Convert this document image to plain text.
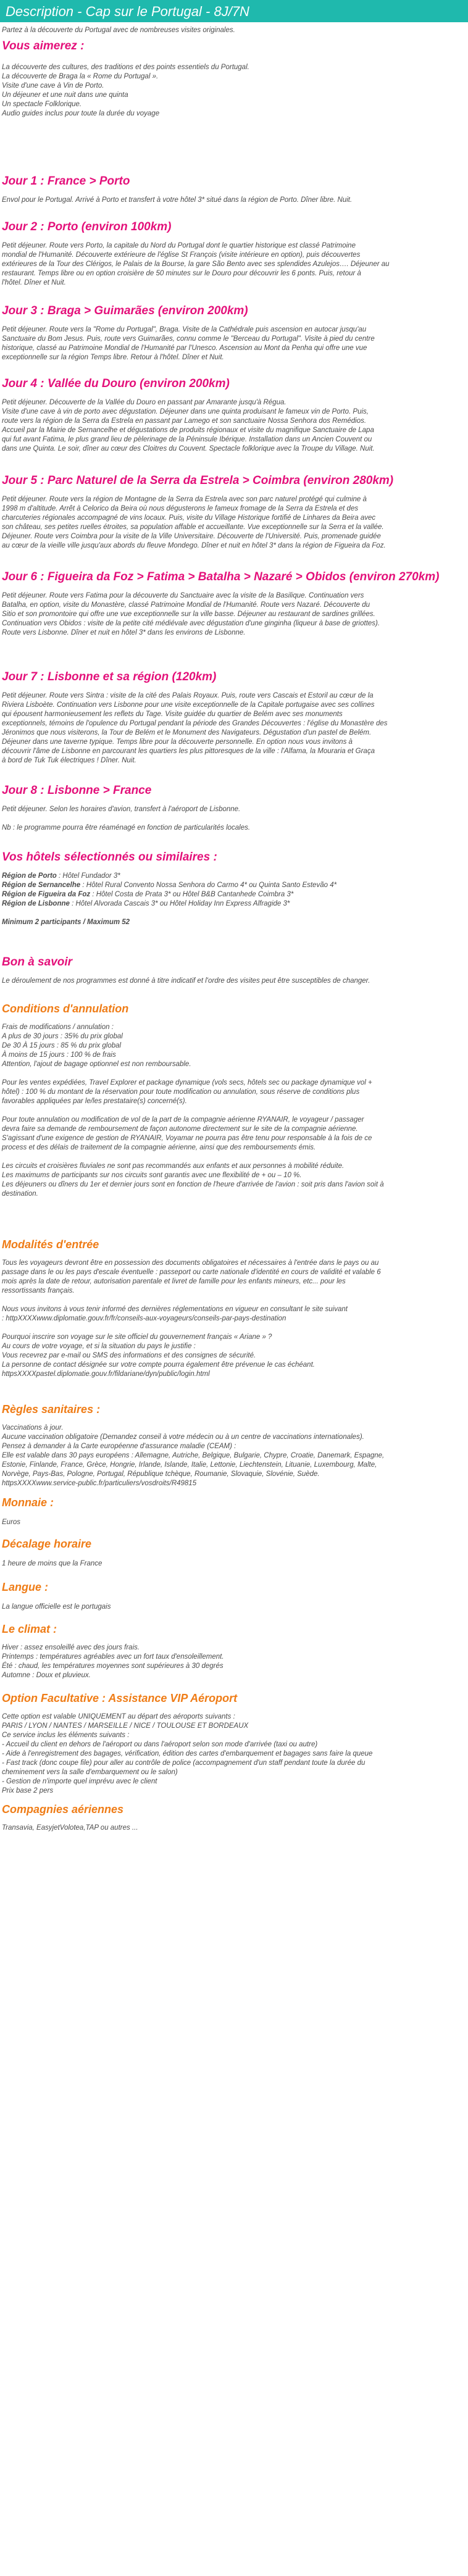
Description - Cap sur le Portugal - 8J/7N
Partez à la découverte du Portugal avec de nombreuses visites originales.
Vous aimerez :
La découverte des cultures, des traditions et des points essentiels du Portugal.
La découverte de Braga la « Rome du Portugal ».
Visite d'une cave à Vin de Porto.
Un déjeuner et une nuit dans une quinta
Un spectacle Folklorique.
Audio guides inclus pour toute la durée du voyage
Jour 1 : France > Porto
Envol pour le Portugal. Arrivé à Porto et transfert à votre hôtel 3* situé dans la région de Porto. Dîner libre. Nuit.
Jour 2 : Porto (environ 100km)
Petit déjeuner. Route vers Porto, la capitale du Nord du Portugal dont le quartier historique est classé Patrimoine
mondial de l'Humanité. Découverte extérieure de l'église St François (visite intérieure en option), puis découvertes
extérieures de la Tour des Clérigos, le Palais de la Bourse, la gare São Bento avec ses splendides Azulejos…. Déjeuner au
restaurant. Temps libre ou en option croisière de 50 minutes sur le Douro pour découvrir les 6 ponts. Puis, retour à
l'hôtel. Dîner et Nuit.
Jour 3 : Braga > Guimarães (environ 200km)
Petit déjeuner. Route vers la "Rome du Portugal", Braga. Visite de la Cathédrale puis ascension en autocar jusqu'au
Sanctuaire du Bom Jesus. Puis, route vers Guimarães, connu comme le "Berceau du Portugal". Visite à pied du centre
historique, classé au Patrimoine Mondial de l'Humanité par l'Unesco. Ascension au Mont da Penha qui offre une vue
exceptionnelle sur la région Temps libre. Retour à l'hôtel. Dîner et Nuit.
Jour 4 : Vallée du Douro (environ 200km)
Petit déjeuner. Découverte de la Vallée du Douro en passant par Amarante jusqu'à Régua.
Visite d'une cave à vin de porto avec dégustation. Déjeuner dans une quinta produisant le fameux vin de Porto. Puis,
route vers la région de la Serra da Estrela en passant par Lamego et son sanctuaire Nossa Senhora dos Remédios.
Accueil par la Mairie de Sernancelhe et dégustations de produits régionaux et visite du magnifique Sanctuaire de Lapa
qui fut avant Fatima, le plus grand lieu de pèlerinage de la Péninsule Ibérique. Installation dans un Ancien Couvent ou
dans une Quinta. Le soir, dîner au cœur des Cloitres du Couvent. Spectacle folklorique avec la Troupe du Village. Nuit.
Jour 5 : Parc Naturel de la Serra da Estrela > Coimbra (environ 280km)
Petit déjeuner. Route vers la région de Montagne de la Serra da Estrela avec son parc naturel protégé qui culmine à
1998 m d'altitude. Arrêt à Celorico da Beira où nous dégusterons le fameux fromage de la Serra da Estrela et des
charcuteries régionales accompagné de vins locaux. Puis, visite du Village Historique fortifié de Linhares da Beira avec
son château, ses petites ruelles étroites, sa population affable et accueillante. Vue exceptionnelle sur la Serra et la vallée.
Déjeuner. Route vers Coimbra pour la visite de la Ville Universitaire. Découverte de l'Université. Puis, promenade guidée
au cœur de la vieille ville jusqu'aux abords du fleuve Mondego. Dîner et nuit en hôtel 3* dans la région de Figueira da Foz.
Jour 6 : Figueira da Foz > Fatima > Batalha > Nazaré > Obidos (environ 270km)
Petit déjeuner. Route vers Fatima pour la découverte du Sanctuaire avec la visite de la Basilique. Continuation vers
Batalha, en option, visite du Monastère, classé Patrimoine Mondial de l'Humanité. Route vers Nazaré. Découverte du
Sitio et son promontoire qui offre une vue exceptionnelle sur la ville basse. Déjeuner au restaurant de sardines grillées.
Continuation vers Obidos : visite de la petite cité médiévale avec dégustation d'une ginginha (liqueur à base de griottes).
Route vers Lisbonne. Dîner et nuit en hôtel 3* dans les environs de Lisbonne.
Jour 7 : Lisbonne et sa région (120km)
Petit déjeuner. Route vers Sintra : visite de la cité des Palais Royaux. Puis, route vers Cascais et Estoril au cœur de la
Riviera Lisboète. Continuation vers Lisbonne pour une visite exceptionnelle de la Capitale portugaise avec ses collines
qui épousent harmonieusement les reflets du Tage. Visite guidée du quartier de Belém avec ses monuments
exceptionnels, témoins de l'opulence du Portugal pendant la période des Grandes Découvertes : l'église du Monastère des
Jéronimos que nous visiterons, la Tour de Belém et le Monument des Navigateurs. Dégustation d'un pastel de Belém.
Déjeuner dans une taverne typique. Temps libre pour la découverte personnelle. En option nous vous invitons à
découvrir l'âme de Lisbonne en parcourant les quartiers les plus pittoresques de la ville : l'Alfama, la Mouraria et Graça
à bord de Tuk Tuk électriques ! Dîner. Nuit.
Jour 8 : Lisbonne > France
Petit déjeuner. Selon les horaires d'avion, transfert à l'aéroport de Lisbonne.
Nb : le programme pourra être réaménagé en fonction de particularités locales.
Vos hôtels sélectionnés ou similaires :
Région de Porto : Hôtel Fundador 3*
Région de Sernancelhe : Hôtel Rural Convento Nossa Senhora do Carmo 4* ou Quinta Santo Estevão 4*
Région de Figueira da Foz : Hôtel Costa de Prata 3* ou Hôtel B&B Cantanhede Coimbra 3*
Région de Lisbonne : Hôtel Alvorada Cascais 3* ou Hôtel Holiday Inn Express Alfragide 3*
Minimum 2 participants / Maximum 52
Bon à savoir
Le déroulement de nos programmes est donné à titre indicatif et l'ordre des visites peut être susceptibles de changer.
Conditions d'annulation
Frais de modifications / annulation :
A plus de 30 jours : 35% du prix global
De 30 À 15 jours : 85 % du prix global
À moins de 15 jours : 100 % de frais
Attention, l'ajout de bagage optionnel est non remboursable.
Pour les ventes expédiées, Travel Explorer et package dynamique (vols secs, hôtels sec ou package dynamique vol +
hôtel) : 100 % du montant de la réservation pour toute modification ou annulation, sous réserve de conditions plus
favorables appliquées par le/les prestataire(s) concerné(s).
Pour toute annulation ou modification de vol de la part de la compagnie aérienne RYANAIR, le voyageur / passager
devra faire sa demande de remboursement de façon autonome directement sur le site de la compagnie aérienne.
S'agissant d'une exigence de gestion de RYANAIR, Voyamar ne pourra pas être tenu pour responsable à la fois de ce
process et des délais de traitement de la compagnie aérienne, ainsi que des remboursements émis.
Les circuits et croisières fluviales ne sont pas recommandés aux enfants et aux personnes à mobilité réduite.
Les maximums de participants sur nos circuits sont garantis avec une flexibilité de + ou – 10 %.
Les déjeuners ou dîners du 1er et dernier jours sont en fonction de l'heure d'arrivée de l'avion : soit pris dans l'avion soit à
destination.
Modalités d'entrée
Tous les voyageurs devront être en possession des documents obligatoires et nécessaires à l'entrée dans le pays ou au
passage dans le ou les pays d'escale éventuelle : passeport ou carte nationale d'identité en cours de validité et valable 6
mois après la date de retour, autorisation parentale et livret de famille pour les enfants mineurs, etc... pour les
ressortissants français.
Nous vous invitons à vous tenir informé des dernières réglementations en vigueur en consultant le site suivant
: httpXXXXwww.diplomatie.gouv.fr/fr/conseils-aux-voyageurs/conseils-par-pays-destination
Pourquoi inscrire son voyage sur le site officiel du gouvernement français « Ariane » ?
Au cours de votre voyage, et si la situation du pays le justifie :
Vous recevrez par e-mail ou SMS des informations et des consignes de sécurité.
La personne de contact désignée sur votre compte pourra également être prévenue le cas échéant.
httpsXXXXpastel.diplomatie.gouv.fr/fildariane/dyn/public/login.html
Règles sanitaires :
Vaccinations à jour.
Aucune vaccination obligatoire (Demandez conseil à votre médecin ou à un centre de vaccinations internationales).
Pensez à demander à la Carte européenne d'assurance maladie (CEAM) :
Elle est valable dans 30 pays européens : Allemagne, Autriche, Belgique, Bulgarie, Chypre, Croatie, Danemark, Espagne,
Estonie, Finlande, France, Grèce, Hongrie, Irlande, Islande, Italie, Lettonie, Liechtenstein, Lituanie, Luxembourg, Malte,
Norvège, Pays-Bas, Pologne, Portugal, République tchèque, Roumanie, Slovaquie, Slovénie, Suède.
httpsXXXXwww.service-public.fr/particuliers/vosdroits/R49815
Monnaie :
Euros
Décalage horaire
1 heure de moins que la France
Langue :
La langue officielle est le portugais
Le climat :
Hiver : assez ensoleillé avec des jours frais.
Printemps : températures agréables avec un fort taux d'ensoleillement.
Été : chaud, les températures moyennes sont supérieures à 30 degrés
Automne : Doux et pluvieux.
Option Facultative : Assistance VIP Aéroport
Cette option est valable UNIQUEMENT au départ des aéroports suivants :
PARIS / LYON / NANTES / MARSEILLE / NICE / TOULOUSE ET BORDEAUX
Ce service inclus les éléments suivants :
- Accueil du client en dehors de l'aéroport ou dans l'aéroport selon son mode d'arrivée (taxi ou autre)
- Aide à l'enregistrement des bagages, vérification, édition des cartes d'embarquement et bagages sans faire la queue
- Fast track (donc coupe file) pour aller au contrôle de police (accompagnement d'un staff pendant toute la durée du
cheminement vers la salle d'embarquement ou le salon)
- Gestion de n'importe quel imprévu avec le client
Prix base 2 pers
Compagnies aériennes
Transavia, EasyjetVolotea,TAP ou autres ...
